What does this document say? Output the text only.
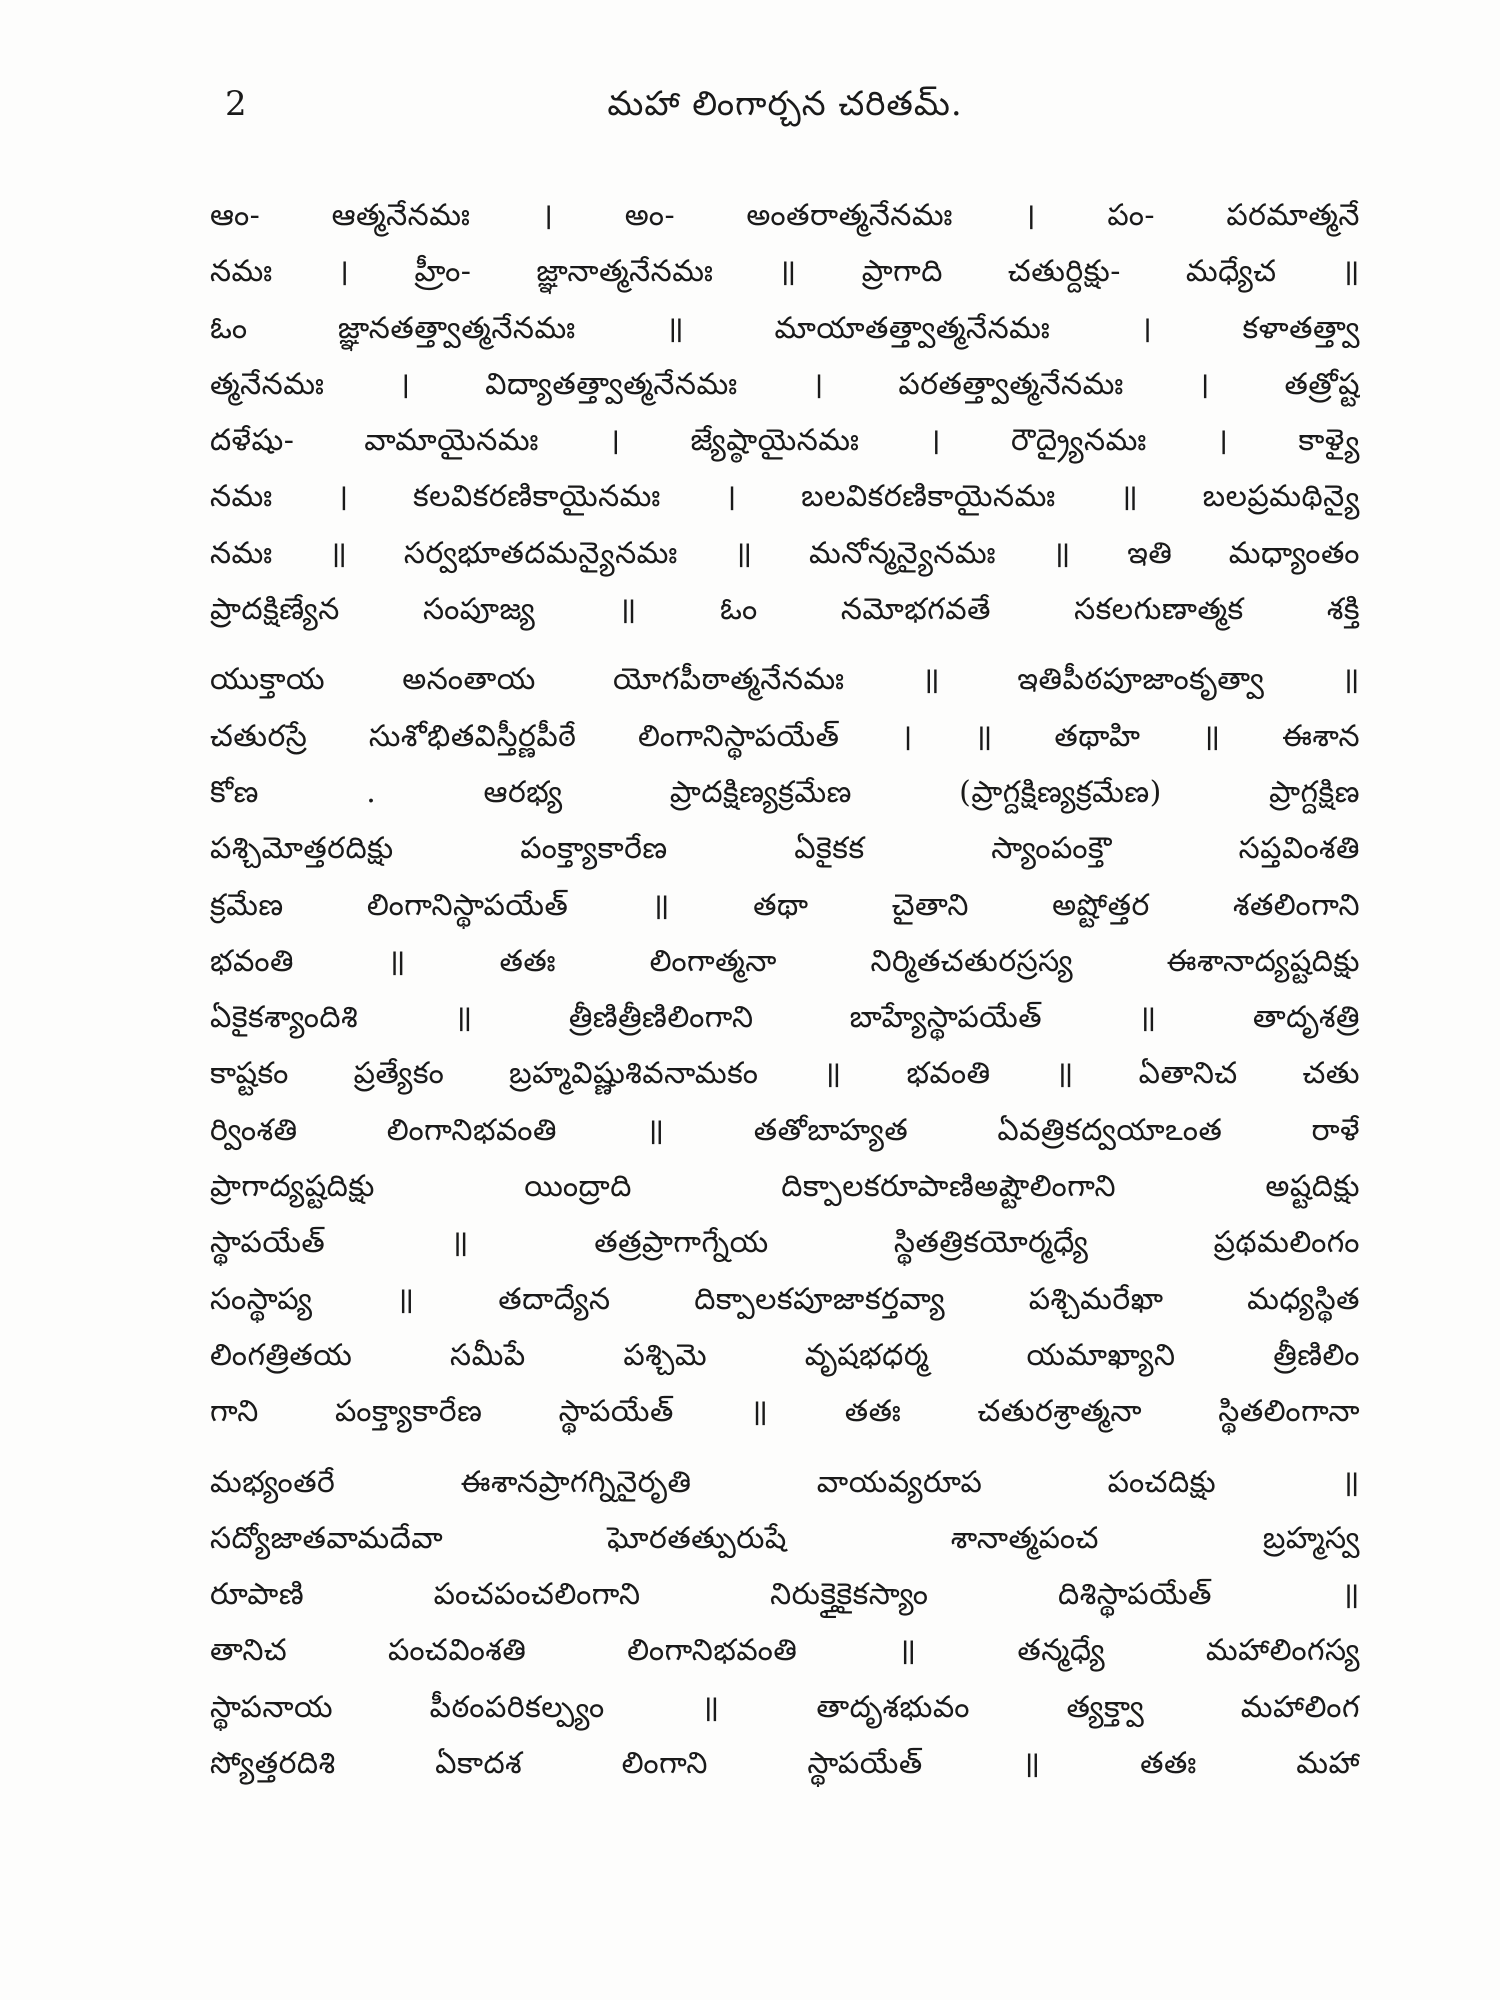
2	మహా లింగార్చన చరితమ్.
ఆం- ఆత్మనేనమః । అం- అంతరాత్మనేనమః । పం- పరమాత్మనే
నమః । హ్రీం- జ్ఞానాత్మనేనమః ॥ ప్రాగాది చతుర్దిక్షు- మధ్యేచ ॥
ఓం జ్ఞానతత్త్వాత్మనేనమః ॥ మాయాతత్త్వాత్మనేనమః । కళాతత్త్వా
త్మనేనమః । విద్యాతత్త్వాత్మనేనమః । పరతత్త్వాత్మనేనమః । తత్రోష్ట
దళేషు- వామాయైనమః । జ్యేష్ఠాయైనమః । రౌద్ర్యైనమః । కాళ్యై
నమః । కలవికరణికాయైనమః । బలవికరణికాయైనమః ॥ బలప్రమథిన్యై
నమః ॥ సర్వభూతదమన్యైనమః ॥ మనోన్మన్యైనమః ॥ ఇతి మధ్యాంతం
ప్రాదక్షిణ్యేన సంపూజ్య ॥ ఓం నమోభగవతే సకలగుణాత్మక శక్తి
యుక్తాయ అనంతాయ యోగపీఠాత్మనేనమః ॥ ఇతిపీఠపూజాంకృత్వా ॥
చతురస్రే సుశోభితవిస్తీర్ణపీఠే లింగానిస్థాపయేత్ । ॥ తథాహి ॥ ఈశాన
కోణ . ఆరభ్య ప్రాదక్షిణ్యక్రమేణ (ప్రాగ్దక్షిణ్యక్రమేణ) ప్రాగ్దక్షిణ
పశ్చిమోత్తరదిక్షు పంక్త్యాకారేణ ఏకైకక స్యాంపంక్తౌ సప్తవింశతి
క్రమేణ లింగానిస్థాపయేత్ ॥ తథా చైతాని అష్టోత్తర శతలింగాని
భవంతి ॥ తతః లింగాత్మనా నిర్మితచతురస్రస్య ఈశానాద్యష్టదిక్షు
ఏకైకశ్యాందిశి ॥ త్రీణిత్రీణిలింగాని బాహ్యేస్థాపయేత్ ॥ తాదృశత్రి
కాష్టకం ప్రత్యేకం బ్రహ్మవిష్ణుశివనామకం ॥ భవంతి ॥ ఏతానిచ చతు
ర్వింశతి లింగానిభవంతి ॥ తతోబాహ్యత ఏవత్రికద్వయాఽంత రాళే
ప్రాగాద్యష్టదిక్షు యింద్రాది దిక్పాలకరూపాణిఅష్టౌలింగాని అష్టదిక్షు
స్థాపయేత్ ॥ తత్రప్రాగాగ్నేయ స్థితత్రికయోర్మధ్యే ప్రథమలింగం
సంస్థాప్య ॥ తదాద్యేన దిక్పాలకపూజాకర్తవ్యా పశ్చిమరేఖా మధ్యస్థిత
లింగత్రితయ సమీపే పశ్చిమె వృషభధర్మ యమాఖ్యాని త్రీణిలిం
గాని పంక్త్యాకారేణ స్థాపయేత్ ॥ తతః చతురశ్రాత్మనా స్థితలింగానా
మభ్యంతరే ఈశానప్రాగగ్నినైరృతి వాయవ్యరూప పంచదిక్షు ॥
సద్యోజాతవామదేవా ఘోరతత్పురుషే శానాత్మపంచ బ్రహ్మస్వ
రూపాణి పంచపంచలింగాని నిరుక్తైకైకస్యాం దిశిస్థాపయేత్ ॥
తానిచ పంచవింశతి లింగానిభవంతి ॥ తన్మధ్యే మహాలింగస్య
స్థాపనాయ పీఠంపరికల్ప్యం ॥ తాదృశభువం త్యక్త్వా మహాలింగ
స్యోత్తరదిశి ఏకాదశ లింగాని స్థాపయేత్ ॥ తతః మహా
